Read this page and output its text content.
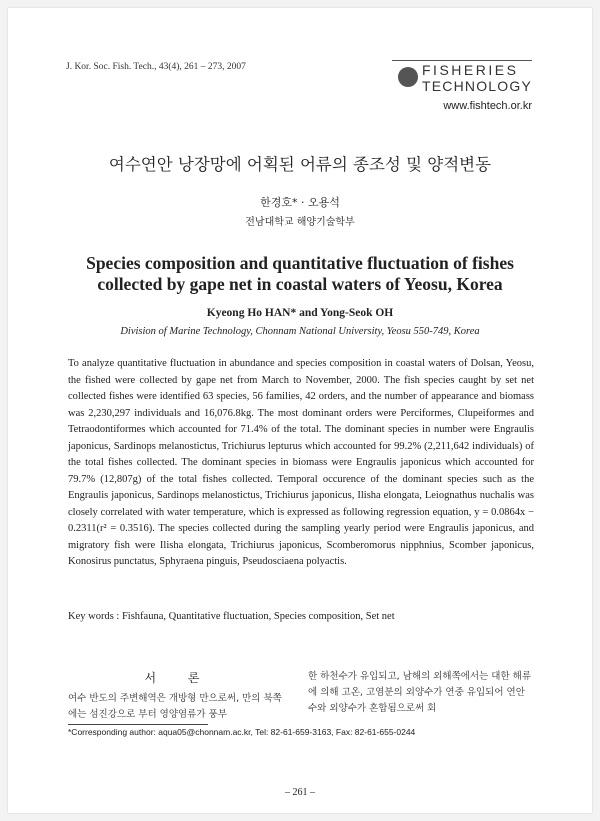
J. Kor. Soc. Fish. Tech., 43(4), 261 – 273, 2007	FISHERIES
TECHNOLOGY
www.fishtech.or.kr
여수연안 낭장망에 어획된 어류의 종조성 및 양적변동
한경호* · 오용석
전남대학교 해양기술학부
Species composition and quantitative fluctuation of fishes collected by gape net in coastal waters of Yeosu, Korea
Kyeong Ho HAN* and Yong-Seok OH
Division of Marine Technology, Chonnam National University, Yeosu 550-749, Korea
To analyze quantitative fluctuation in abundance and species composition in coastal waters of Dolsan, Yeosu, the fished were collected by gape net from March to November, 2000. The fish species caught by set net collected fishes were identified 63 species, 56 families, 42 orders, and the number of appearance and biomass was 2,230,297 individuals and 16,076.8kg. The most dominant orders were Perciformes, Clupeiformes and Tetraodontiformes which accounted for 71.4% of the total. The dominant species in number were Engraulis japonicus, Sardinops melanostictus, Trichiurus lepturus which accounted for 99.2% (2,211,642 individuals) of the total fishes collected. The dominant species in biomass were Engraulis japonicus which accounted for 79.7% (12,807g) of the total fishes collected. Temporal occurence of the dominant species such as the Engraulis japonicus, Sardinops melanostictus, Trichiurus japonicus, Ilisha elongata, Leiognathus nuchalis was closely correlated with water temperature, which is expressed as following regression equation, y = 0.0864x − 0.2311(r² = 0.3516). The species collected during the sampling yearly period were Engraulis japonicus, and migratory fish were Ilisha elongata, Trichiurus japonicus, Scomberomorus nipphnius, Scomber japonicus, Konosirus punctatus, Sphyraena pinguis, Pseudosciaena polyactis.
Key words : Fishfauna, Quantitative fluctuation, Species composition, Set net
서 론
여수 반도의 주변해역은 개방형 만으로써, 만의 북쪽에는 섬진강으로 부터 영양염류가 풍부
한 하천수가 유입되고, 남해의 외해쪽에서는 대한 해류에 의해 고온, 고염분의 외양수가 연중 유입되어 연안수와 외양수가 혼합됨으로써 회
*Corresponding author: aqua05@chonnam.ac.kr, Tel: 82-61-659-3163, Fax: 82-61-655-0244
– 261 –
